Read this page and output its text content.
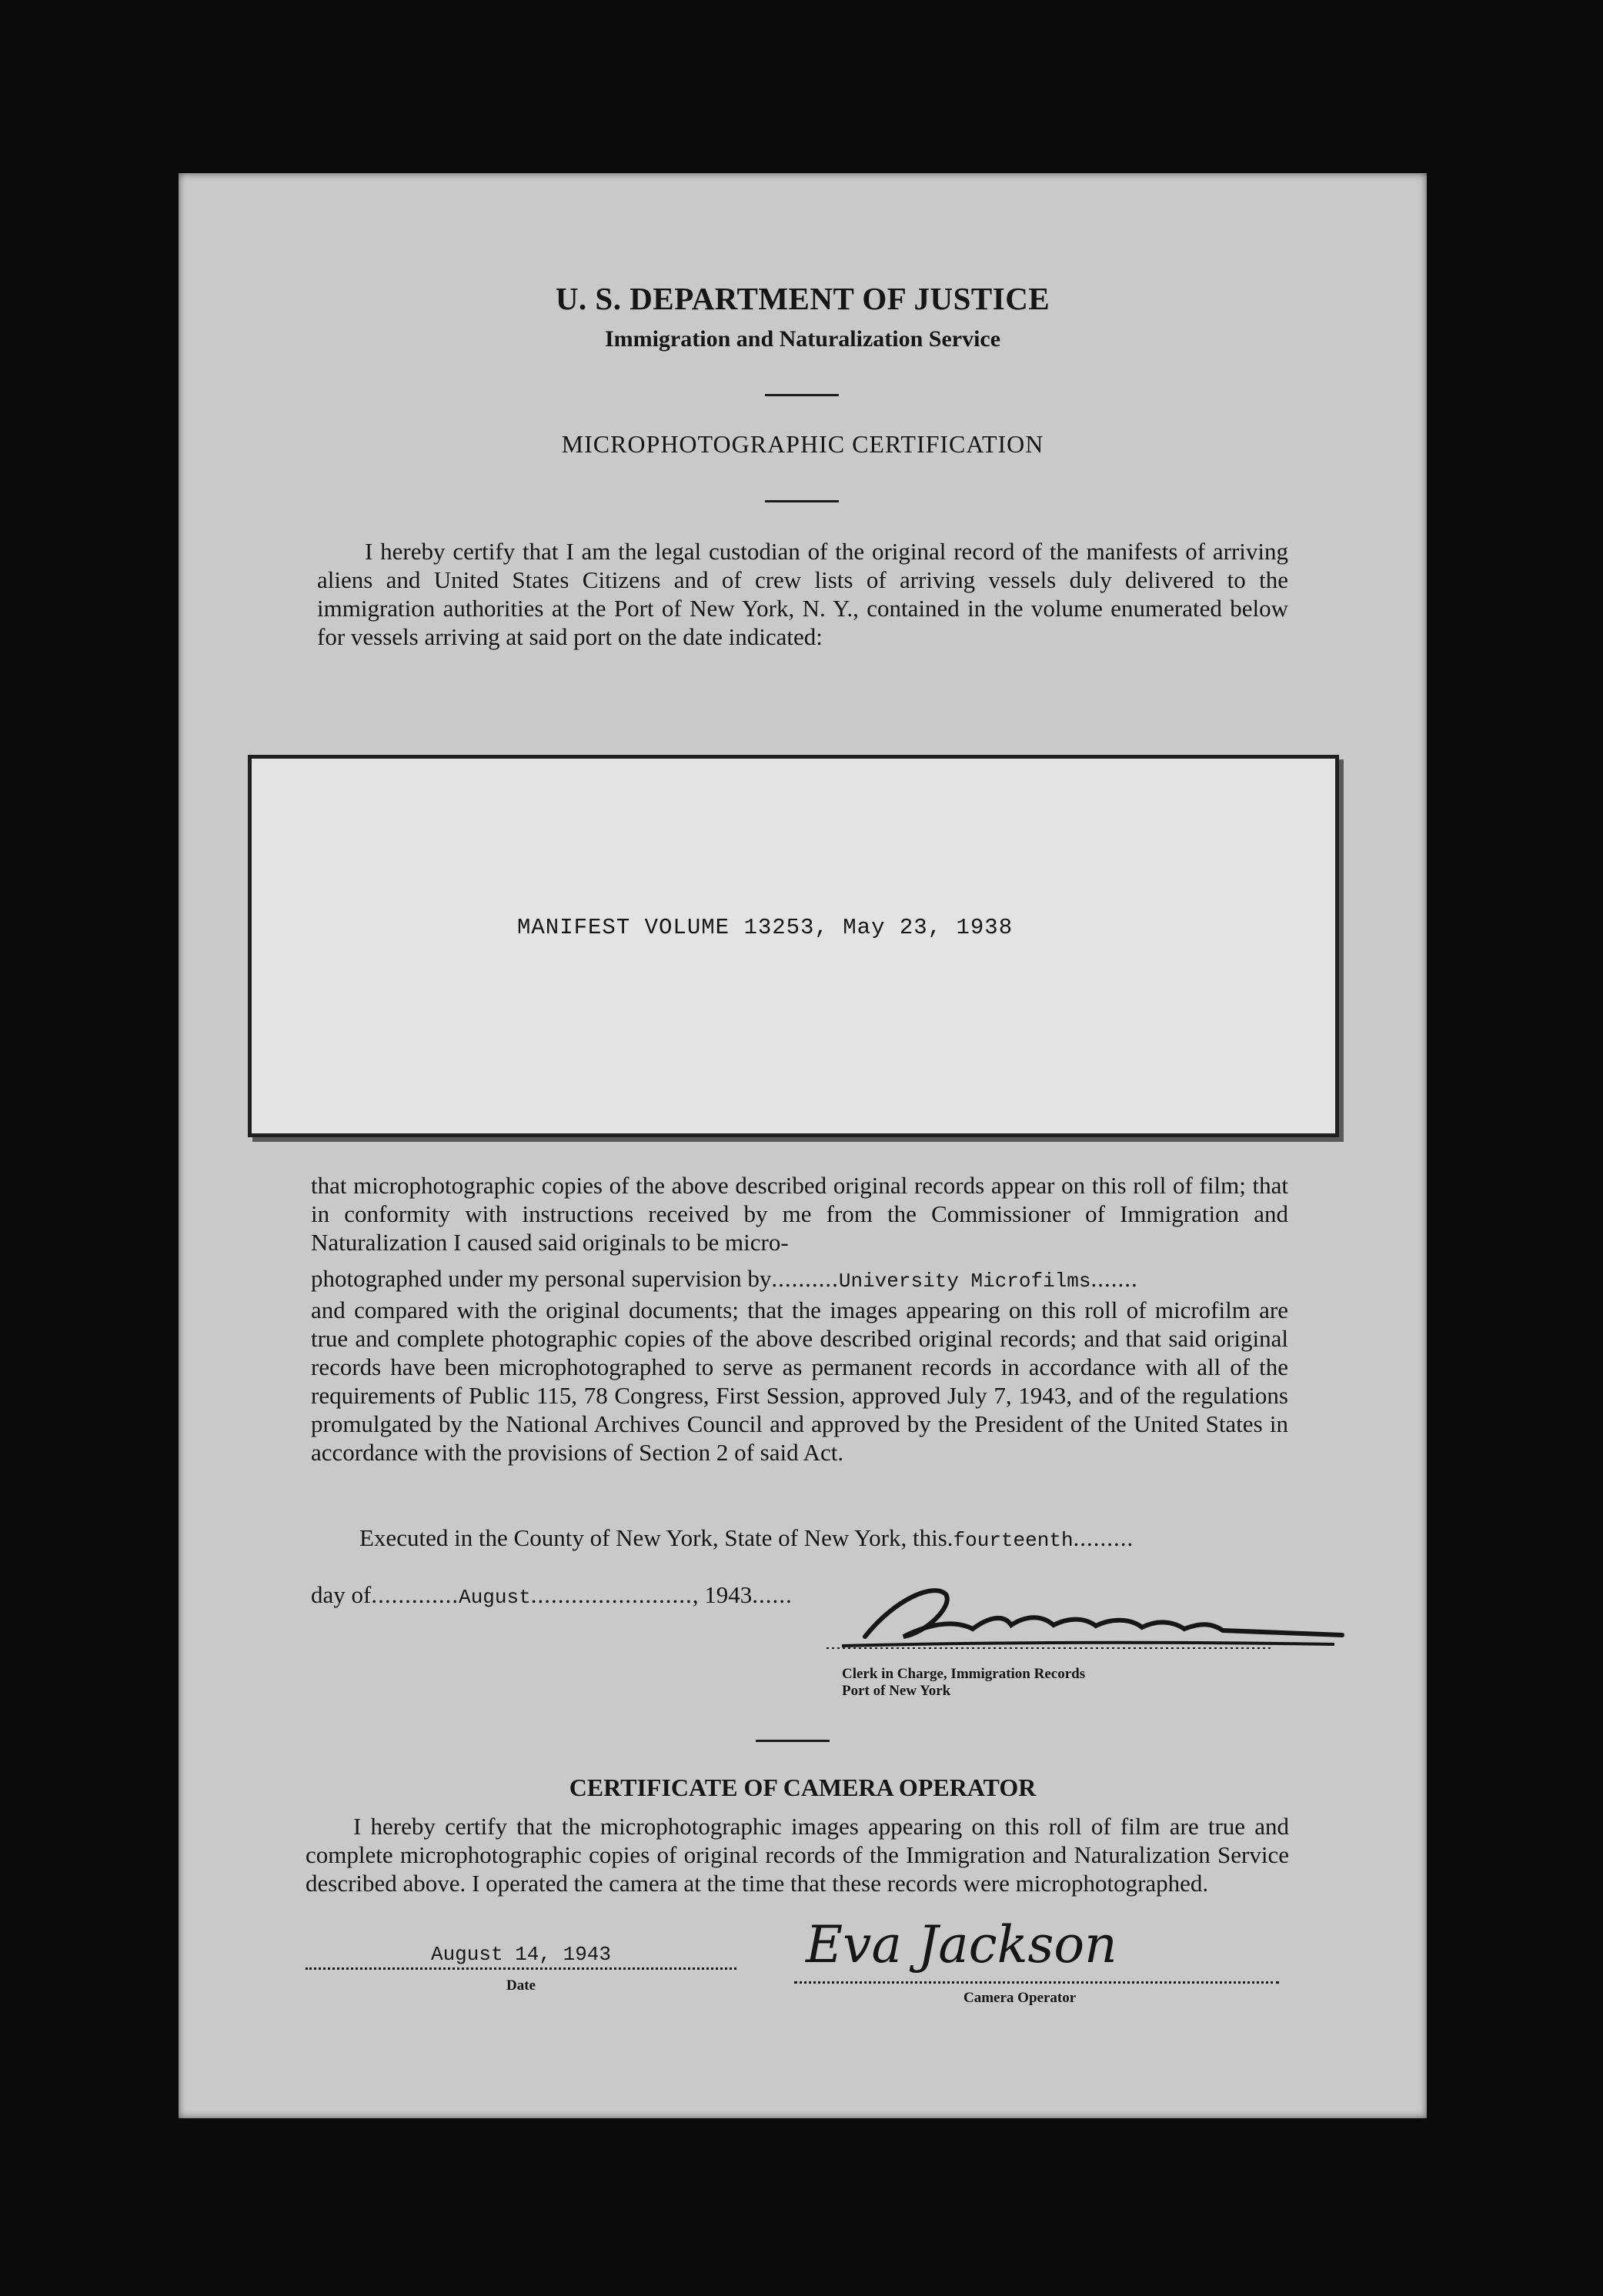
U. S. DEPARTMENT OF JUSTICE
Immigration and Naturalization Service
MICROPHOTOGRAPHIC CERTIFICATION

I hereby certify that I am the legal custodian of the original record of the manifests of arriving aliens and United States Citizens and of crew lists of arriving vessels duly delivered to the immigration authorities at the Port of New York, N. Y., contained in the volume enumerated below for vessels arriving at said port on the date indicated:

MANIFEST VOLUME 13253, May 23, 1938

that microphotographic copies of the above described original records appear on this roll of film; that in conformity with instructions received by me from the Commissioner of Immigration and Naturalization I caused said originals to be micro-

photographed under my personal supervision by..........University Microfilms.......

and compared with the original documents; that the images appearing on this roll of microfilm are true and complete photographic copies of the above described original records; and that said original records have been microphotographed to serve as permanent records in accordance with all of the requirements of Public 115, 78 Congress, First Session, approved July 7, 1943, and of the regulations promulgated by the National Archives Council and approved by the President of the United States in accordance with the provisions of Section 2 of said Act.

Executed in the County of New York, State of New York, this.fourteenth.........
day of.............August........................, 1943......
Clerk in Charge, Immigration Records
Port of New York
CERTIFICATE OF CAMERA OPERATOR

I hereby certify that the microphotographic images appearing on this roll of film are true and complete microphotographic copies of original records of the Immigration and Naturalization Service described above. I operated the camera at the time that these records were microphotographed.

August 14, 1943
Date
Eva Jackson
Camera Operator
